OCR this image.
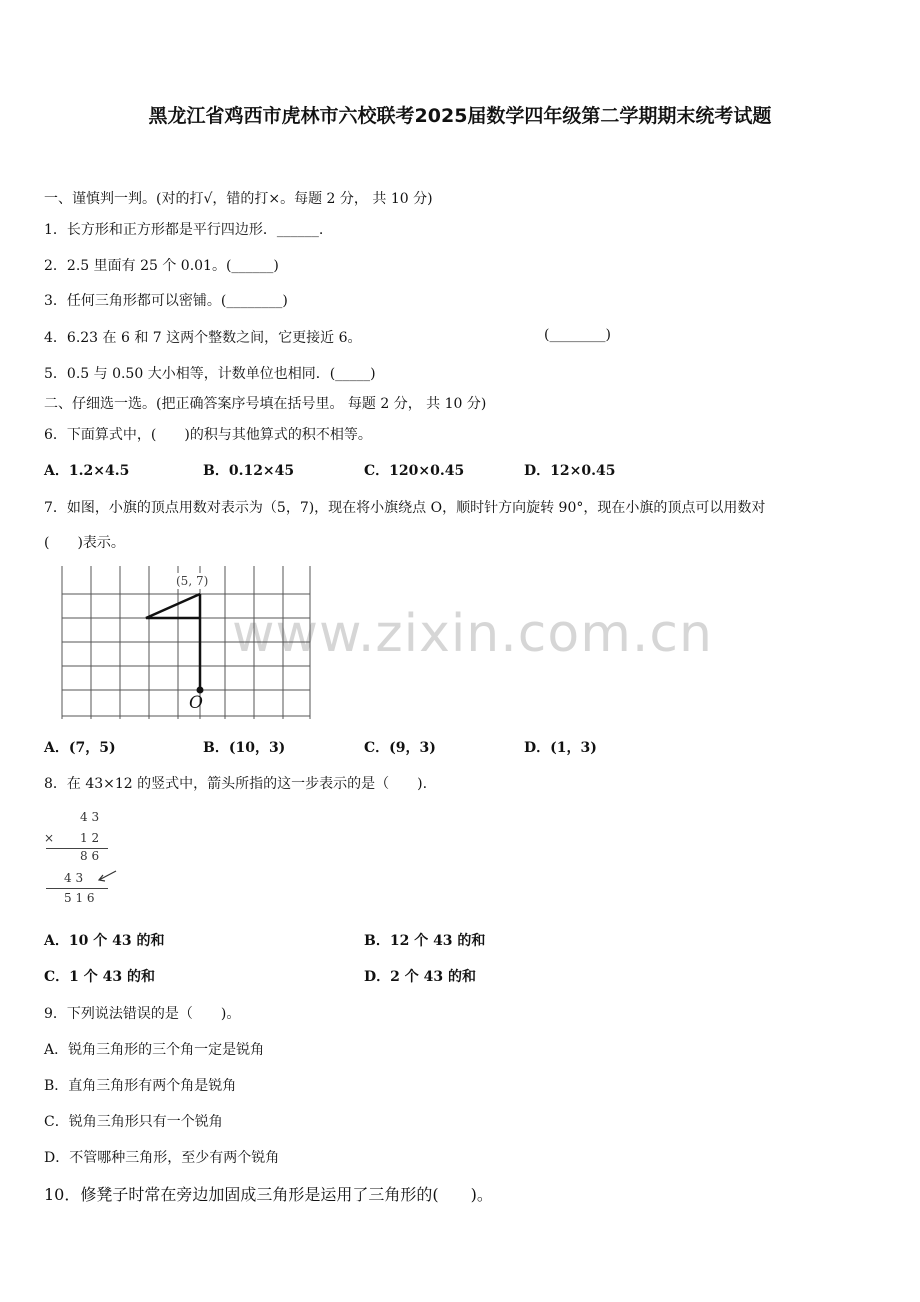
黑龙江省鸡西市虎林市六校联考2025届数学四年级第二学期期末统考试题
www.zixin.com.cn
一、谨慎判一判。(对的打√，错的打×。每题 2 分， 共 10 分)
1．长方形和正方形都是平行四边形．______.
2．2.5 里面有 25 个 0.01。(______)
3．任何三角形都可以密铺。(________)
4．6.23 在 6 和 7 这两个整数之间，它更接近 6。	(________)
5．0.5 与 0.50 大小相等，计数单位也相同．(_____)
二、仔细选一选。(把正确答案序号填在括号里。 每题 2 分， 共 10 分)
6．下面算式中，(　　)的积与其他算式的积不相等。
A．1.2×4.5	B．0.12×45	C．120×0.45	D．12×0.45
7．如图，小旗的顶点用数对表示为（5，7)，现在将小旗绕点 O，顺时针方向旋转 90°，现在小旗的顶点可以用数对
(　　)表示。
(5, 7)
O
A．(7，5)	B．(10，3)	C．(9，3)	D．(1，3)
8．在 43×12 的竖式中，箭头所指的这一步表示的是（　　).
4 3
× 1 2
8 6
4 3
5 1 6
A．10 个 43 的和	B．12 个 43 的和
C．1 个 43 的和	D．2 个 43 的和
9．下列说法错误的是（　　)。
A．锐角三角形的三个角一定是锐角
B．直角三角形有两个角是锐角
C．锐角三角形只有一个锐角
D．不管哪种三角形，至少有两个锐角
10．修凳子时常在旁边加固成三角形是运用了三角形的(　　)。
